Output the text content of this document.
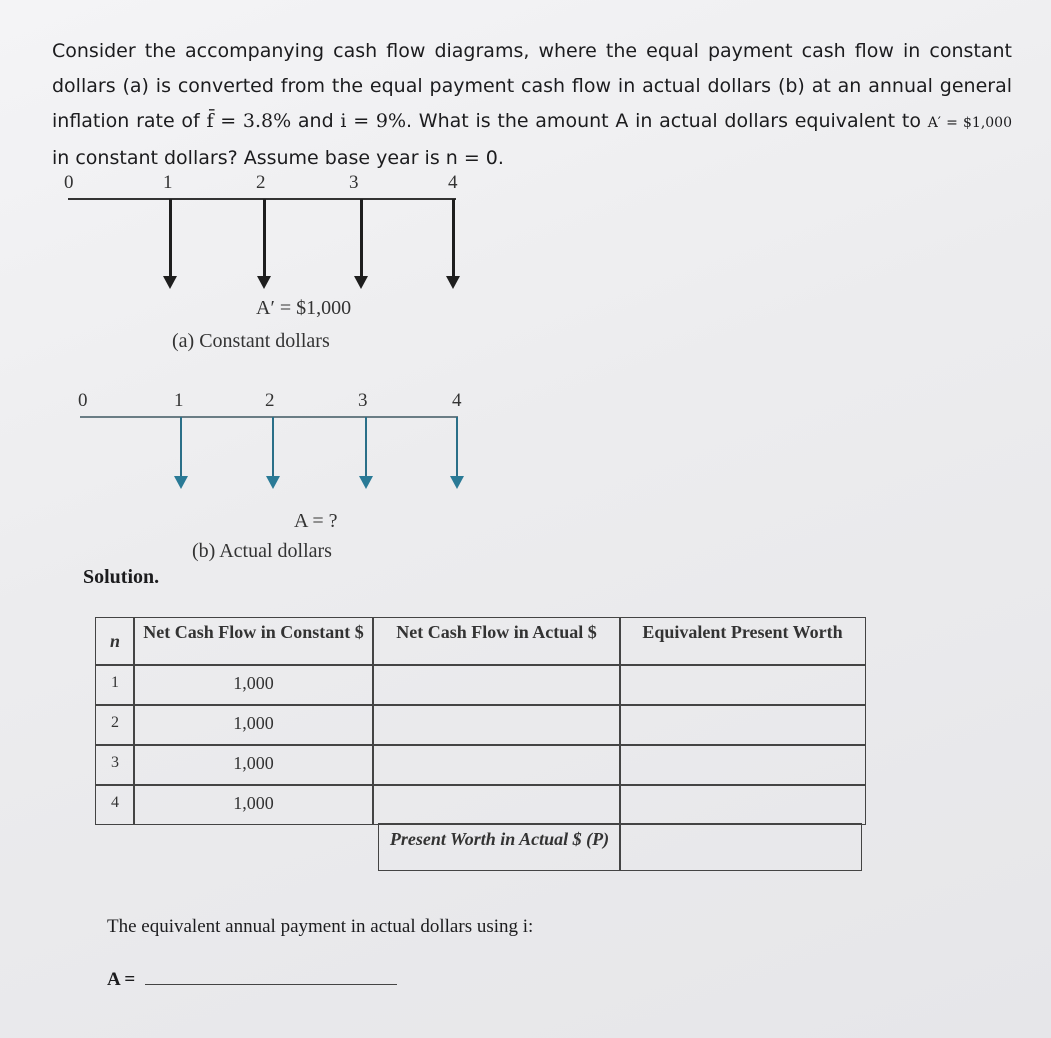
Consider the accompanying cash flow diagrams, where the equal payment cash flow in constant dollars (a) is converted from the equal payment cash flow in actual dollars (b) at an annual general inflation rate of f̄ = 3.8% and i = 9%. What is the amount A in actual dollars equivalent to A′ = $1,000 in constant dollars? Assume base year is n = 0.
0	1	2	3	4
A′ = $1,000
(a) Constant dollars
0	1	2	3	4
A = ?
(b) Actual dollars
Solution.
n	Net Cash Flow in Constant $	Net Cash Flow in Actual $	Equivalent Present Worth
1	1,000
2	1,000
3	1,000
4	1,000
Present Worth in Actual $ (P)
The equivalent annual payment in actual dollars using i:
A =
